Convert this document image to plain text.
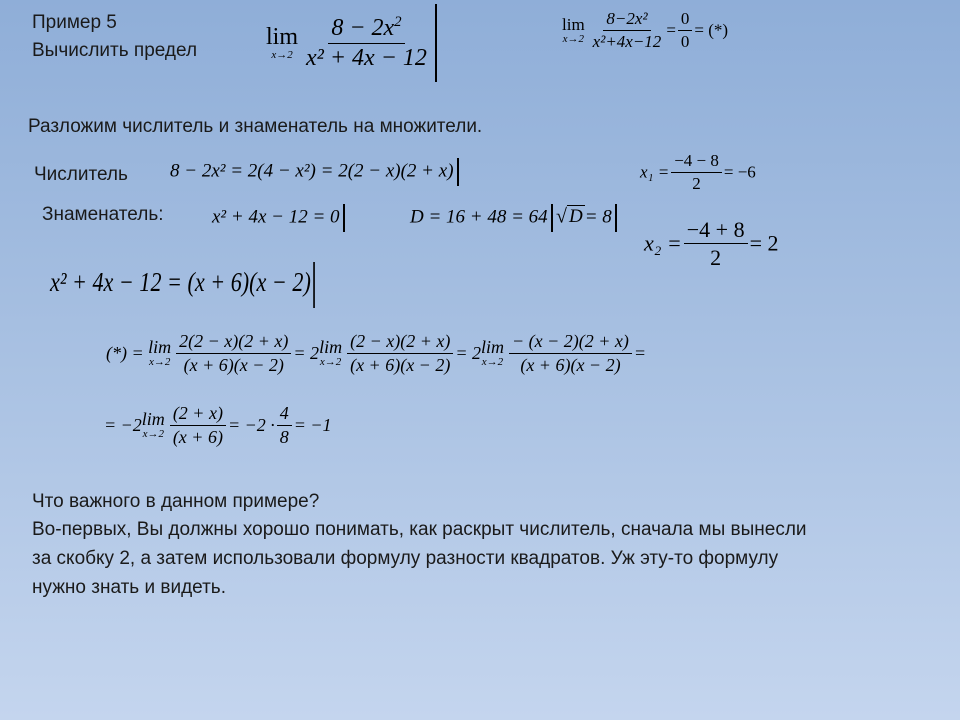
Пример 5
Вычислить предел
lim
$x\to 2 \frac{8 - 2x^2}{\text{x² + 4x − 12}}$	lim
$x\to 2 \frac{\text{8−2x²}}{\text{x²+4x−12}} = \frac{0}{0}$ = (*)
Разложим числитель и знаменатель на множители.
Числитель 8 − 2x² = 2(4 − x²) = 2(2 − x)(2 + x)
Знаменатель:	x² + 4x − 12 = 0	D = 16 + 48 = 64 √ D = 8
$x_1 = \frac{-4 - 8}{2} = -6$
$x_2 = \frac{-4 + 8}{2} = 2$
x² + 4x − 12 = (x + 6)(x − 2)
(*) = lim
$x\to 2 \frac{2(2 - x)(2 + x)}{(x + 6)(x - 2)} = 2$ lim
$x\to 2 \frac{(2 - x)(2 + x)}{(x + 6)(x - 2)} = 2$ lim
$x\to 2 \frac{- (x - 2)(2 + x)}{(x + 6)(x - 2)}$ =
= −2 lim
$x\to 2 \frac{(2 + x)}{(x + 6)} = -2 \cdot \frac{4}{8} = -1$
Что важного в данном примере?
Во-первых, Вы должны хорошо понимать, как раскрыт числитель, сначала мы вынесли
за скобку 2, а затем использовали формулу разности квадратов. Уж эту-то формулу
нужно знать и видеть.
